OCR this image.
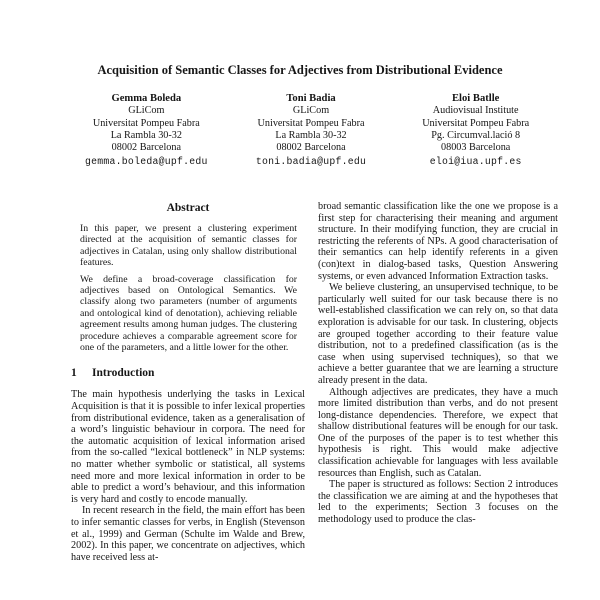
Acquisition of Semantic Classes for Adjectives from Distributional Evidence
Gemma Boleda
GLiCom
Universitat Pompeu Fabra
La Rambla 30-32
08002 Barcelona
gemma.boleda@upf.edu
Toni Badia
GLiCom
Universitat Pompeu Fabra
La Rambla 30-32
08002 Barcelona
toni.badia@upf.edu
Eloi Batlle
Audiovisual Institute
Universitat Pompeu Fabra
Pg. Circumval.lació 8
08003 Barcelona
eloi@iua.upf.es
Abstract

In this paper, we present a clustering experiment directed at the acquisition of semantic classes for adjectives in Catalan, using only shallow distributional features.

We define a broad-coverage classification for adjectives based on Ontological Semantics. We classify along two parameters (number of arguments and ontological kind of denotation), achieving reliable agreement results among human judges. The clustering procedure achieves a comparable agreement score for one of the parameters, and a little lower for the other.

1 Introduction

The main hypothesis underlying the tasks in Lexical Acquisition is that it is possible to infer lexical properties from distributional evidence, taken as a generalisation of a word’s linguistic behaviour in corpora. The need for the automatic acquisition of lexical information arised from the so-called “lexical bottleneck” in NLP systems: no matter whether symbolic or statistical, all systems need more and more lexical information in order to be able to predict a word’s behaviour, and this information is very hard and costly to encode manually.

In recent research in the field, the main effort has been to infer semantic classes for verbs, in English (Stevenson et al., 1999) and German (Schulte im Walde and Brew, 2002). In this paper, we concentrate on adjectives, which have received less at-

broad semantic classification like the one we propose is a first step for characterising their meaning and argument structure. In their modifying function, they are crucial in restricting the referents of NPs. A good characterisation of their semantics can help identify referents in a given (con)text in dialog-based tasks, Question Answering systems, or even advanced Information Extraction tasks.

We believe clustering, an unsupervised technique, to be particularly well suited for our task because there is no well-established classification we can rely on, so that data exploration is advisable for our task. In clustering, objects are grouped together according to their feature value distribution, not to a predefined classification (as is the case when using supervised techniques), so that we achieve a better guarantee that we are learning a structure already present in the data.

Although adjectives are predicates, they have a much more limited distribution than verbs, and do not present long-distance dependencies. Therefore, we expect that shallow distributional features will be enough for our task. One of the purposes of the paper is to test whether this hypothesis is right. This would make adjective classification achievable for languages with less available resources than English, such as Catalan.

The paper is structured as follows: Section 2 introduces the classification we are aiming at and the hypotheses that led to the experiments; Section 3 focuses on the methodology used to produce the clas-
